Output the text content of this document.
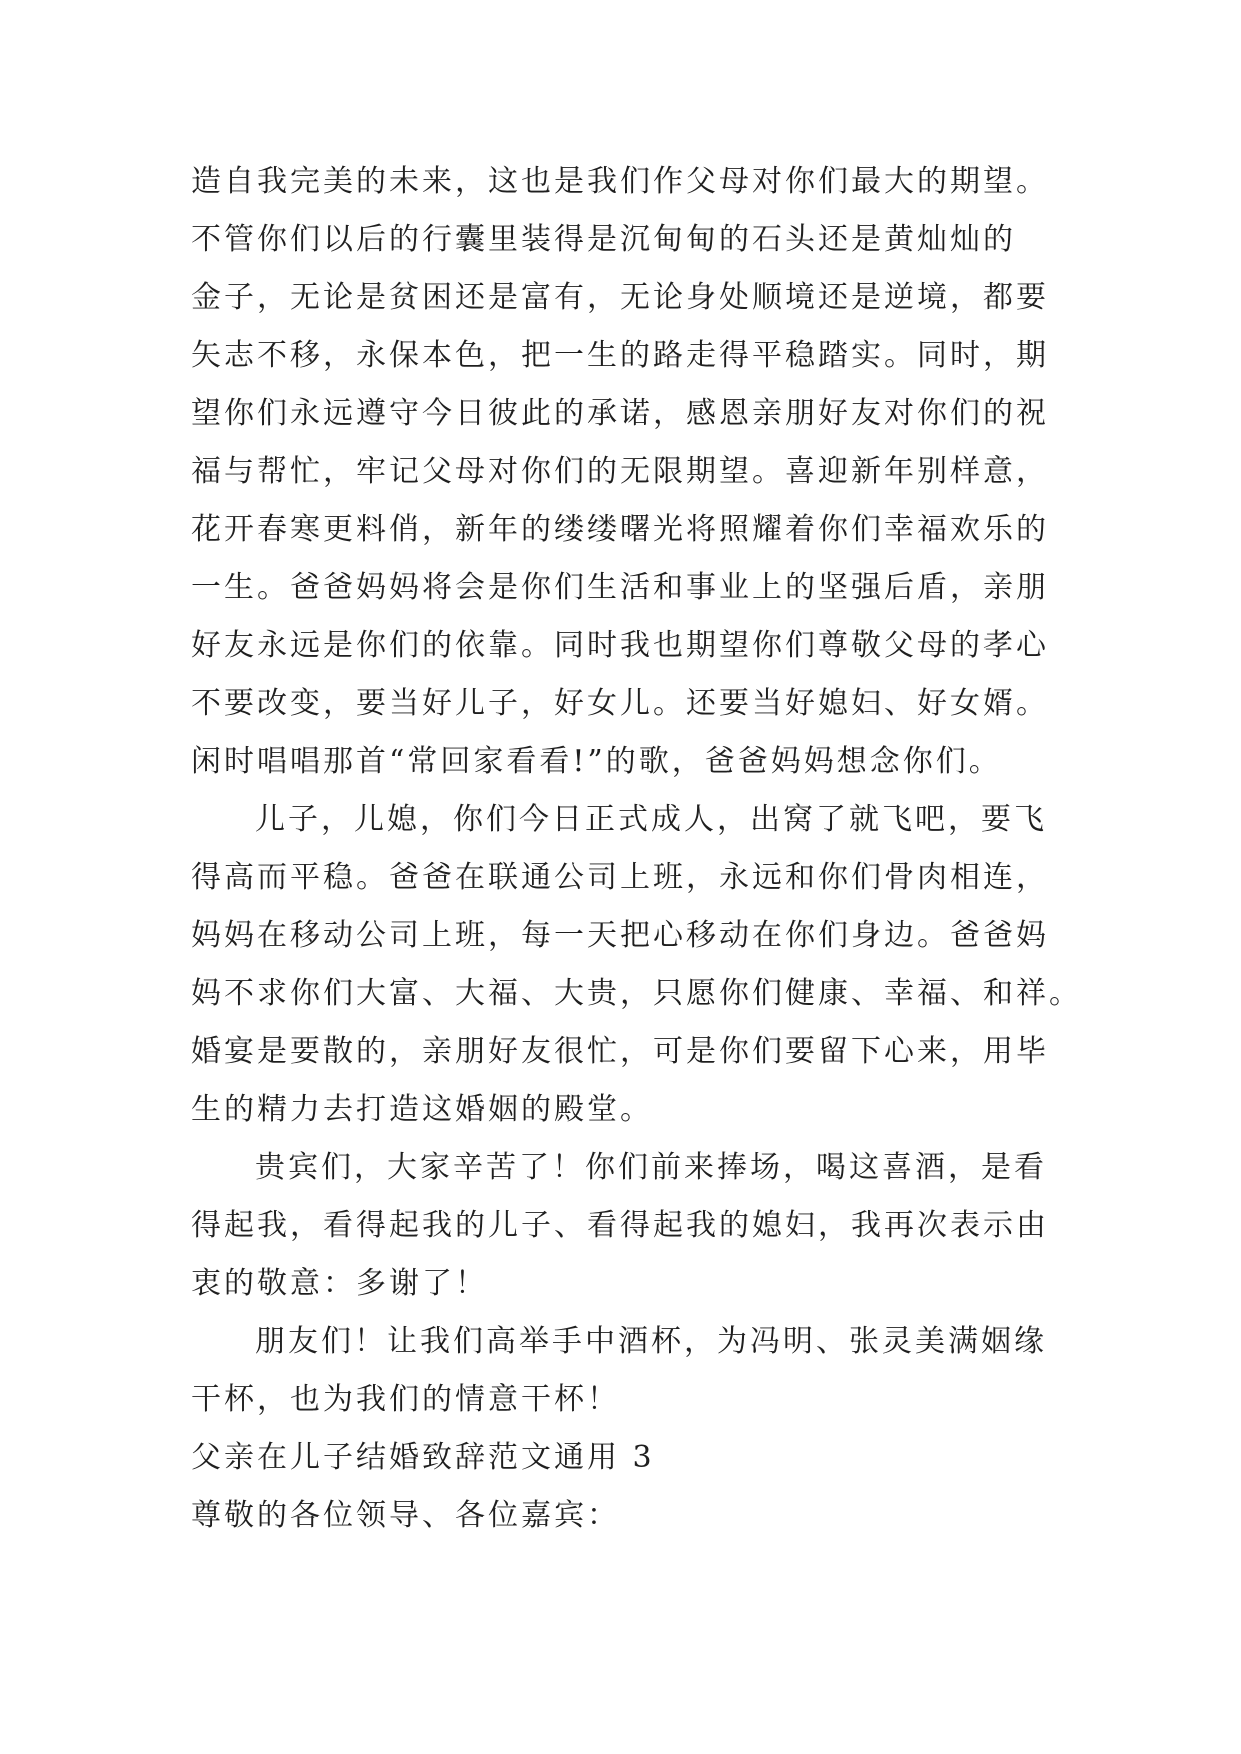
造自我完美的未来，这也是我们作父母对你们最大的期望。
不管你们以后的行囊里装得是沉甸甸的石头还是黄灿灿的
金子，无论是贫困还是富有，无论身处顺境还是逆境，都要
矢志不移，永保本色，把一生的路走得平稳踏实。同时，期
望你们永远遵守今日彼此的承诺，感恩亲朋好友对你们的祝
福与帮忙，牢记父母对你们的无限期望。喜迎新年别样意，
花开春寒更料俏，新年的缕缕曙光将照耀着你们幸福欢乐的
一生。爸爸妈妈将会是你们生活和事业上的坚强后盾，亲朋
好友永远是你们的依靠。同时我也期望你们尊敬父母的孝心
不要改变，要当好儿子，好女儿。还要当好媳妇、好女婿。
闲时唱唱那首“常回家看看!”的歌，爸爸妈妈想念你们。
儿子，儿媳，你们今日正式成人，出窝了就飞吧，要飞
得高而平稳。爸爸在联通公司上班，永远和你们骨肉相连，
妈妈在移动公司上班，每一天把心移动在你们身边。爸爸妈
妈不求你们大富、大福、大贵，只愿你们健康、幸福、和祥。
婚宴是要散的，亲朋好友很忙，可是你们要留下心来，用毕
生的精力去打造这婚姻的殿堂。
贵宾们，大家辛苦了！你们前来捧场，喝这喜酒，是看
得起我，看得起我的儿子、看得起我的媳妇，我再次表示由
衷的敬意：多谢了！
朋友们！让我们高举手中酒杯，为冯明、张灵美满姻缘
干杯，也为我们的情意干杯！
父亲在儿子结婚致辞范文通用 3
尊敬的各位领导、各位嘉宾：
